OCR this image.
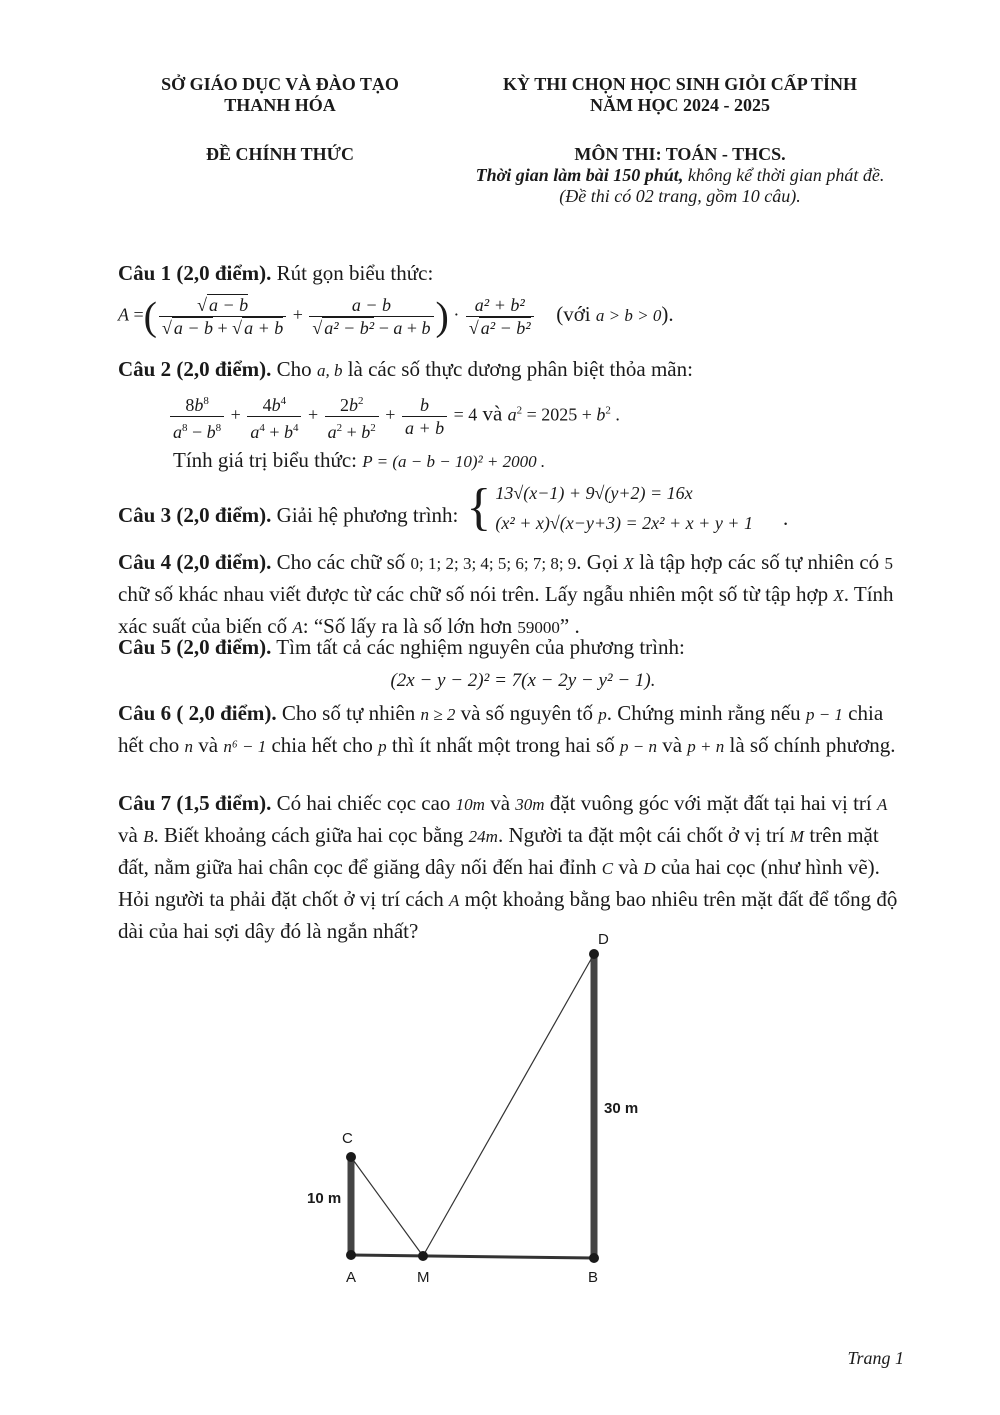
SỞ GIÁO DỤC VÀ ĐÀO TẠO
THANH HÓA
ĐỀ CHÍNH THỨC
KỲ THI CHỌN HỌC SINH GIỎI CẤP TỈNH
NĂM HỌC 2024 - 2025
MÔN THI: TOÁN - THCS.
Thời gian làm bài 150 phút, không kể thời gian phát đề.
(Đề thi có 02 trang, gồm 10 câu).
Câu 1 (2,0 điểm). Rút gọn biểu thức:
A =( $\frac{√ a - b}{√ a - b + √ a + b} + \frac{a - b}{\text{√ a² − b² − a + b}}$ ) · $\frac{\text{a² + b²}}{\text{√ a² − b²}}$ (với a > b > 0).
Câu 2 (2,0 điểm). Cho a, b là các số thực dương phân biệt thỏa mãn:
$\frac{8b^8}{a^8 - b^8} + \frac{4b^4}{a^4 + b^4} + \frac{2b^2}{a^2 + b^2} + \frac{b}{a + b} = 4$ và $a^2 = 2025 + b^2$ .
Tính giá trị biểu thức: P = (a − b − 10)² + 2000 .
Câu 3 (2,0 điểm). Giải hệ phương trình: { 13√(x−1) + 9√(y+2) = 16x
(x² + x)√(x−y+3) = 2x² + x + y + 1 .
Câu 4 (2,0 điểm). Cho các chữ số 0; 1; 2; 3; 4; 5; 6; 7; 8; 9. Gọi X là tập hợp các số tự nhiên có 5 chữ số khác nhau viết được từ các chữ số nói trên. Lấy ngẫu nhiên một số từ tập hợp X. Tính xác suất của biến cố A: “Số lấy ra là số lớn hơn 59000” .
Câu 5 (2,0 điểm). Tìm tất cả các nghiệm nguyên của phương trình:
(2x − y − 2)² = 7(x − 2y − y² − 1).
Câu 6 ( 2,0 điểm). Cho số tự nhiên n ≥ 2 và số nguyên tố p. Chứng minh rằng nếu p − 1 chia hết cho n và n⁶ − 1 chia hết cho p thì ít nhất một trong hai số p − n và p + n là số chính phương.
Câu 7 (1,5 điểm). Có hai chiếc cọc cao 10m và 30m đặt vuông góc với mặt đất tại hai vị trí A và B. Biết khoảng cách giữa hai cọc bằng 24m. Người ta đặt một cái chốt ở vị trí M trên mặt đất, nằm giữa hai chân cọc để giăng dây nối đến hai đỉnh C và D của hai cọc (như hình vẽ). Hỏi người ta phải đặt chốt ở vị trí cách A một khoảng bằng bao nhiêu trên mặt đất để tổng độ dài của hai sợi dây đó là ngắn nhất?	D
C
A	M	B
10 m
30 m
Trang 1
